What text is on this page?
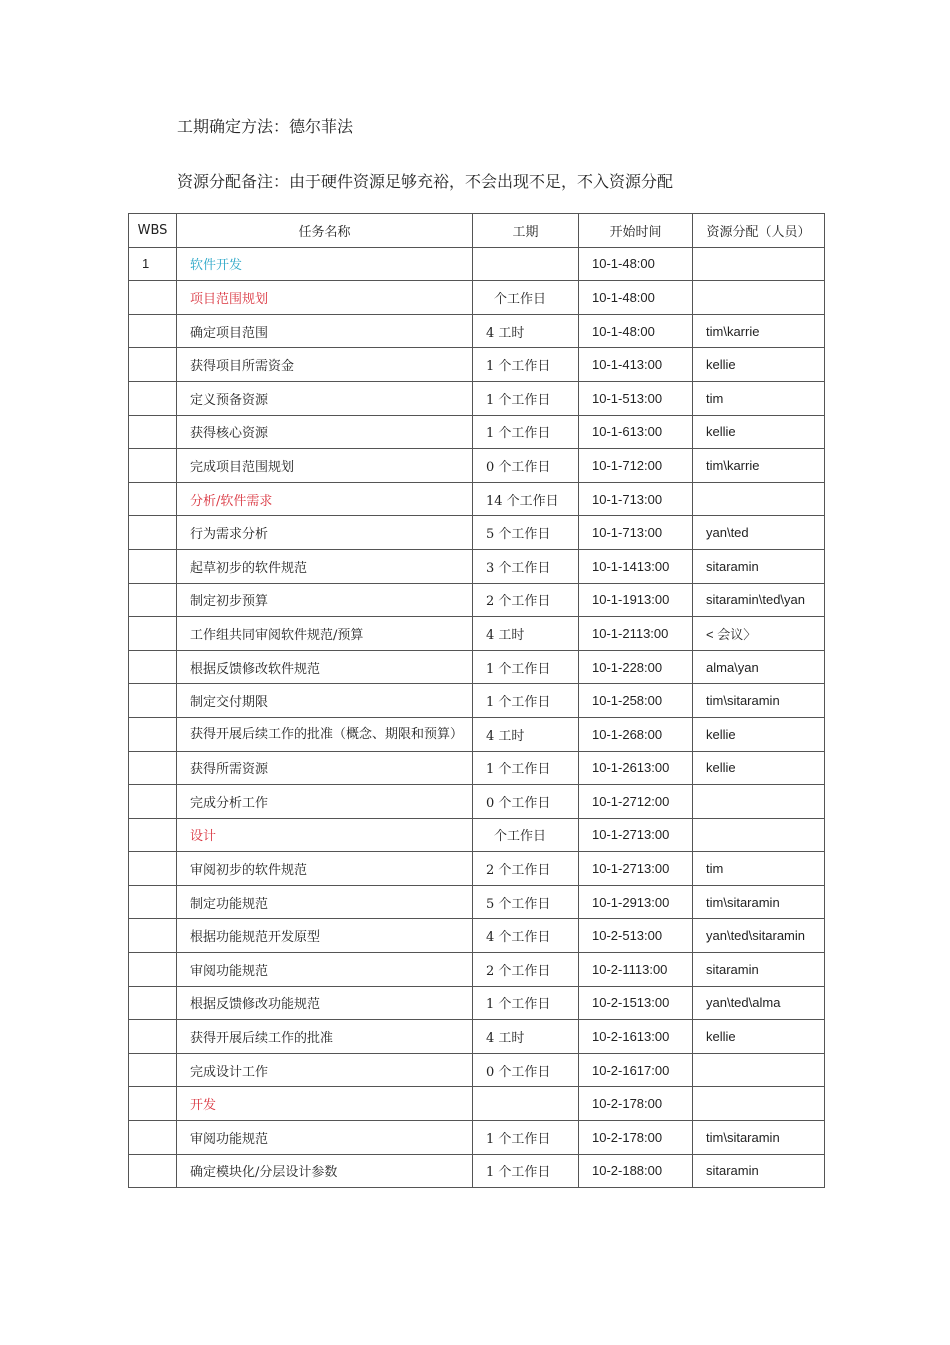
工期确定方法：德尔菲法
资源分配备注：由于硬件资源足够充裕，不会出现不足，不入资源分配
WBS	任务名称	工期	开始时间	资源分配（人员）
1	软件开发		10-1-48:00	
	项目范围规划	个工作日	10-1-48:00	
	确定项目范围	4 工时	10-1-48:00	tim\karrie
	获得项目所需资金	1 个工作日	10-1-413:00	kellie
	定义预备资源	1 个工作日	10-1-513:00	tim
	获得核心资源	1 个工作日	10-1-613:00	kellie
	完成项目范围规划	0 个工作日	10-1-712:00	tim\karrie
	分析/软件需求	14 个工作日	10-1-713:00	
	行为需求分析	5 个工作日	10-1-713:00	yan\ted
	起草初步的软件规范	3 个工作日	10-1-1413:00	sitaramin
	制定初步预算	2 个工作日	10-1-1913:00	sitaramin\ted\yan
	工作组共同审阅软件规范/预算	4 工时	10-1-2113:00	< 会议〉
	根据反馈修改软件规范	1 个工作日	10-1-228:00	alma\yan
	制定交付期限	1 个工作日	10-1-258:00	tim\sitaramin
	获得开展后续工作的批准（概念、期限和预算）	4 工时	10-1-268:00	kellie
	获得所需资源	1 个工作日	10-1-2613:00	kellie
	完成分析工作	0 个工作日	10-1-2712:00	
	设计	个工作日	10-1-2713:00	
	审阅初步的软件规范	2 个工作日	10-1-2713:00	tim
	制定功能规范	5 个工作日	10-1-2913:00	tim\sitaramin
	根据功能规范开发原型	4 个工作日	10-2-513:00	yan\ted\sitaramin
	审阅功能规范	2 个工作日	10-2-1113:00	sitaramin
	根据反馈修改功能规范	1 个工作日	10-2-1513:00	yan\ted\alma
	获得开展后续工作的批准	4 工时	10-2-1613:00	kellie
	完成设计工作	0 个工作日	10-2-1617:00	
	开发		10-2-178:00	
	审阅功能规范	1 个工作日	10-2-178:00	tim\sitaramin
	确定模块化/分层设计参数	1 个工作日	10-2-188:00	sitaramin
